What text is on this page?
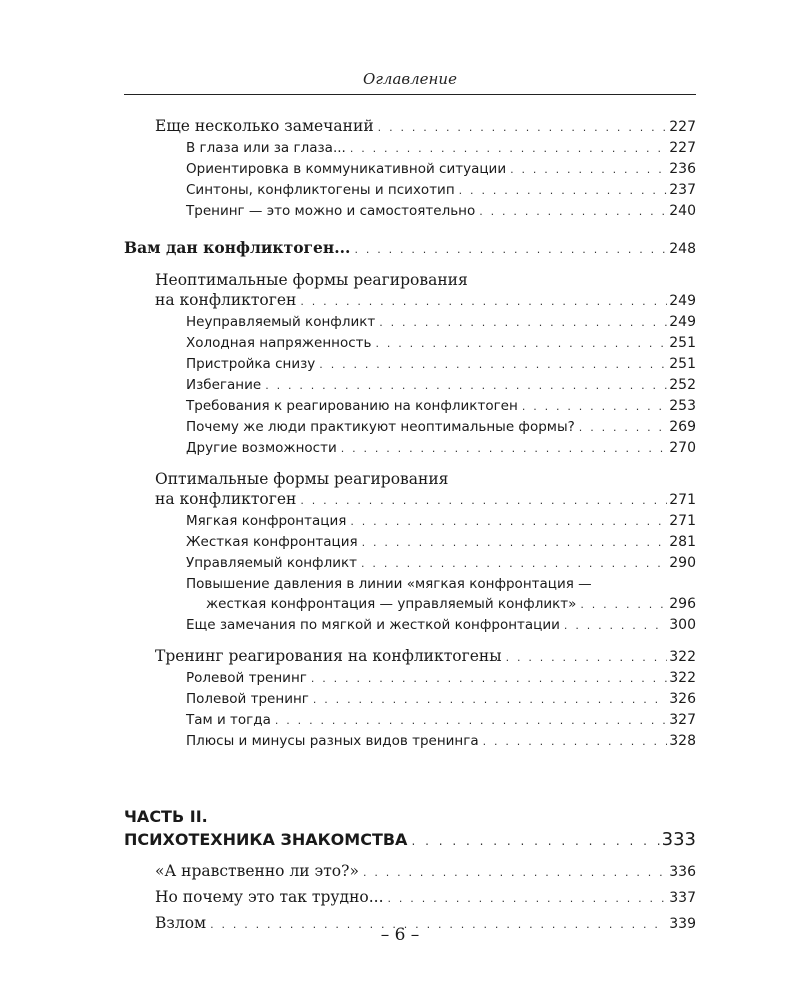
Оглавление
Еще несколько замечаний . . .	227
В глаза или за глаза... . . .	227
Ориентировка в коммуникативной ситуации . . .	236
Синтоны, конфликтогены и психотип . . .	237
Тренинг — это можно и самостоятельно . . .	240
Вам дан конфликтоген... . . .	248
Неоптимальные формы реагирования
на конфликтоген . . .	249
Неуправляемый конфликт . . .	249
Холодная напряженность . . .	251
Пристройка снизу . . .	251
Избегание . . .	252
Требования к реагированию на конфликтоген . . .	253
Почему же люди практикуют неоптимальные формы? . . .	269
Другие возможности . . .	270
Оптимальные формы реагирования
на конфликтоген . . .	271
Мягкая конфронтация . . .	271
Жесткая конфронтация . . .	281
Управляемый конфликт . . .	290
Повышение давления в линии «мягкая конфронтация —
жесткая конфронтация — управляемый конфликт» . . .	296
Еще замечания по мягкой и жесткой конфронтации . . .	300
Тренинг реагирования на конфликтогены . . .	322
Ролевой тренинг . . .	322
Полевой тренинг . . .	326
Там и тогда . . .	327
Плюсы и минусы разных видов тренинга . . .	328
ЧАСТЬ II.
ПСИХОТЕХНИКА ЗНАКОМСТВА . . .	333
«А нравственно ли это?» . . .	336
Но почему это так трудно... . . .	337
Взлом . . .	339
– 6 –
